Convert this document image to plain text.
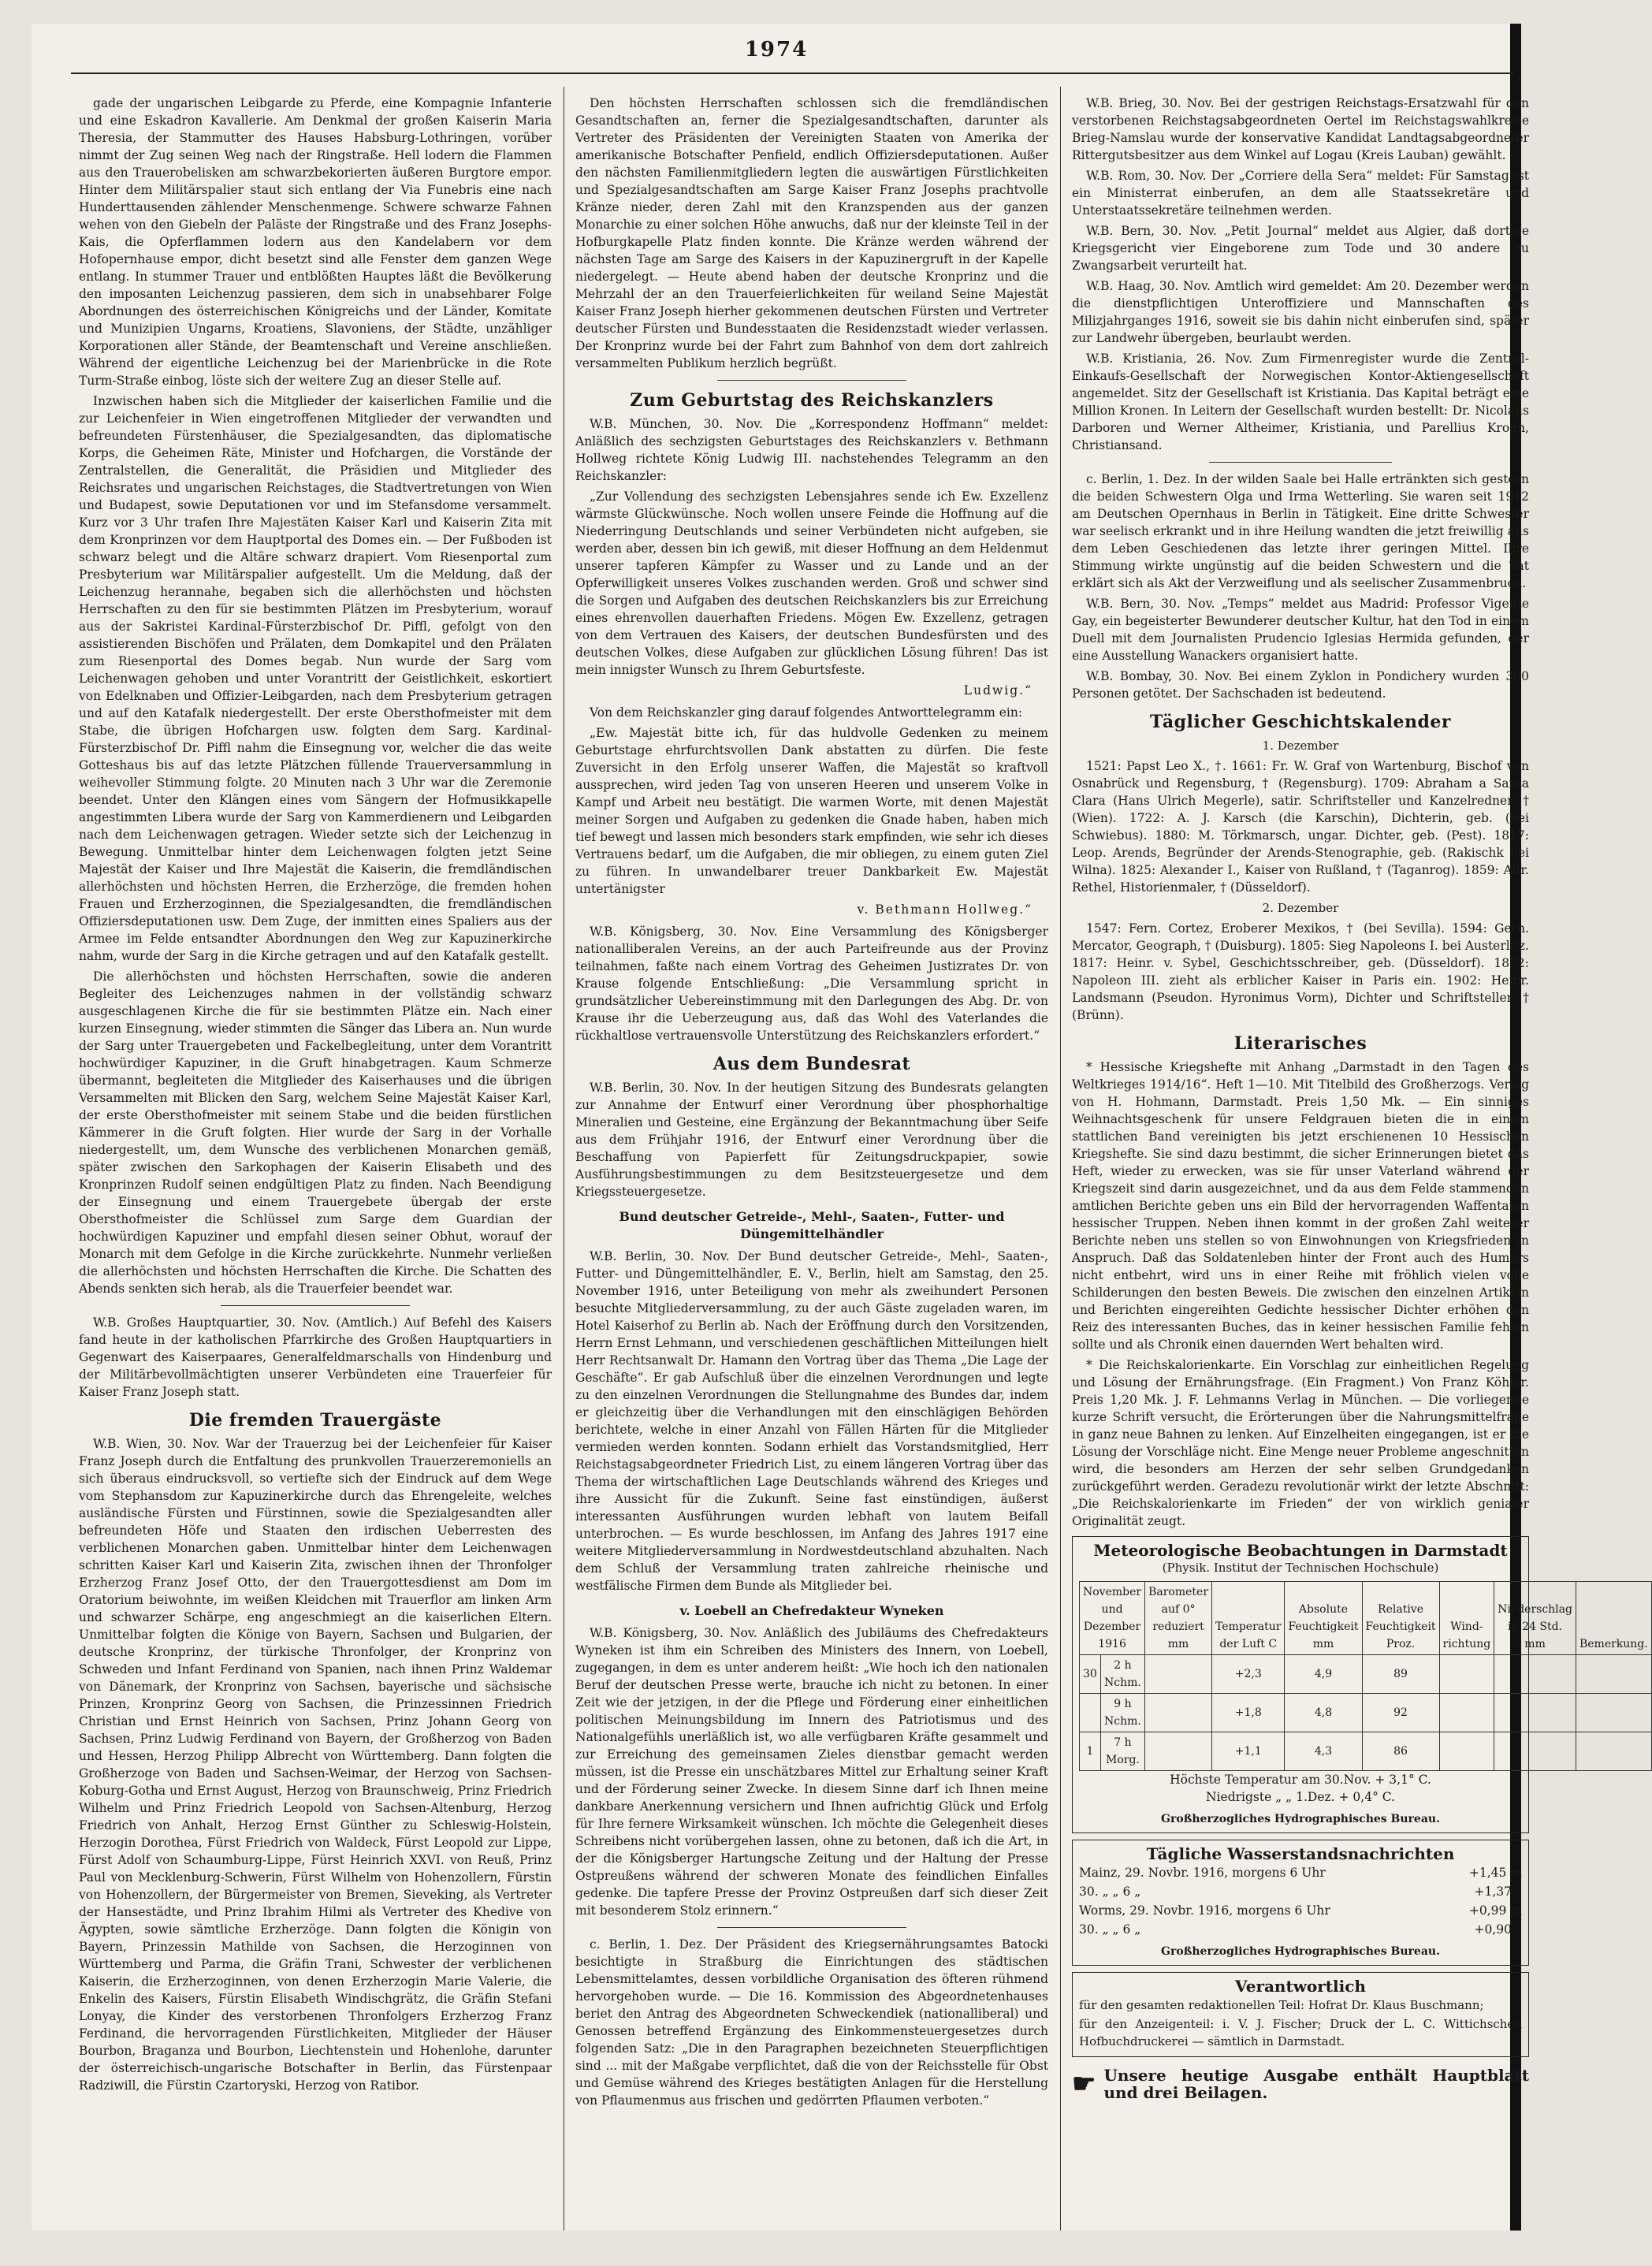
1974

gade der ungarischen Leibgarde zu Pferde, eine Kompagnie Infanterie und eine Eskadron Kavallerie. Am Denkmal der großen Kaiserin Maria Theresia, der Stammutter des Hauses Habsburg-Lothringen, vorüber nimmt der Zug seinen Weg nach der Ringstraße. Hell lodern die Flammen aus den Trauerobelisken am schwarzbekorierten äußeren Burgtore empor. Hinter dem Militärspalier staut sich entlang der Via Funebris eine nach Hunderttausenden zählender Menschenmenge. Schwere schwarze Fahnen wehen von den Giebeln der Paläste der Ringstraße und des Franz Josephs-Kais, die Opferflammen lodern aus den Kandelabern vor dem Hofopernhause empor, dicht besetzt sind alle Fenster dem ganzen Wege entlang. In stummer Trauer und entblößten Hauptes läßt die Bevölkerung den imposanten Leichenzug passieren, dem sich in unabsehbarer Folge Abordnungen des österreichischen Königreichs und der Länder, Komitate und Munizipien Ungarns, Kroatiens, Slavoniens, der Städte, unzähliger Korporationen aller Stände, der Beamtenschaft und Vereine anschließen. Während der eigentliche Leichenzug bei der Marienbrücke in die Rote Turm-Straße einbog, löste sich der weitere Zug an dieser Stelle auf.

Inzwischen haben sich die Mitglieder der kaiserlichen Familie und die zur Leichenfeier in Wien eingetroffenen Mitglieder der verwandten und befreundeten Fürstenhäuser, die Spezialgesandten, das diplomatische Korps, die Geheimen Räte, Minister und Hofchargen, die Vorstände der Zentralstellen, die Generalität, die Präsidien und Mitglieder des Reichsrates und ungarischen Reichstages, die Stadtvertretungen von Wien und Budapest, sowie Deputationen vor und im Stefansdome versammelt. Kurz vor 3 Uhr trafen Ihre Majestäten Kaiser Karl und Kaiserin Zita mit dem Kronprinzen vor dem Hauptportal des Domes ein. — Der Fußboden ist schwarz belegt und die Altäre schwarz drapiert. Vom Riesenportal zum Presbyterium war Militärspalier aufgestellt. Um die Meldung, daß der Leichenzug herannahe, begaben sich die allerhöchsten und höchsten Herrschaften zu den für sie bestimmten Plätzen im Presbyterium, worauf aus der Sakristei Kardinal-Fürsterzbischof Dr. Piffl, gefolgt von den assistierenden Bischöfen und Prälaten, dem Domkapitel und den Prälaten zum Riesenportal des Domes begab. Nun wurde der Sarg vom Leichenwagen gehoben und unter Vorantritt der Geistlichkeit, eskortiert von Edelknaben und Offizier-Leibgarden, nach dem Presbyterium getragen und auf den Katafalk niedergestellt. Der erste Obersthofmeister mit dem Stabe, die übrigen Hofchargen usw. folgten dem Sarg. Kardinal-Fürsterzbischof Dr. Piffl nahm die Einsegnung vor, welcher die das weite Gotteshaus bis auf das letzte Plätzchen füllende Trauerversammlung in weihevoller Stimmung folgte. 20 Minuten nach 3 Uhr war die Zeremonie beendet. Unter den Klängen eines vom Sängern der Hofmusikkapelle angestimmten Libera wurde der Sarg von Kammerdienern und Leibgarden nach dem Leichenwagen getragen. Wieder setzte sich der Leichenzug in Bewegung. Unmittelbar hinter dem Leichenwagen folgten jetzt Seine Majestät der Kaiser und Ihre Majestät die Kaiserin, die fremdländischen allerhöchsten und höchsten Herren, die Erzherzöge, die fremden hohen Frauen und Erzherzoginnen, die Spezialgesandten, die fremdländischen Offiziersdeputationen usw. Dem Zuge, der inmitten eines Spaliers aus der Armee im Felde entsandter Abordnungen den Weg zur Kapuzinerkirche nahm, wurde der Sarg in die Kirche getragen und auf den Katafalk gestellt.

Die allerhöchsten und höchsten Herrschaften, sowie die anderen Begleiter des Leichenzuges nahmen in der vollständig schwarz ausgeschlagenen Kirche die für sie bestimmten Plätze ein. Nach einer kurzen Einsegnung, wieder stimmten die Sänger das Libera an. Nun wurde der Sarg unter Trauergebeten und Fackelbegleitung, unter dem Vorantritt hochwürdiger Kapuziner, in die Gruft hinabgetragen. Kaum Schmerze übermannt, begleiteten die Mitglieder des Kaiserhauses und die übrigen Versammelten mit Blicken den Sarg, welchem Seine Majestät Kaiser Karl, der erste Obersthofmeister mit seinem Stabe und die beiden fürstlichen Kämmerer in die Gruft folgten. Hier wurde der Sarg in der Vorhalle niedergestellt, um, dem Wunsche des verblichenen Monarchen gemäß, später zwischen den Sarkophagen der Kaiserin Elisabeth und des Kronprinzen Rudolf seinen endgültigen Platz zu finden. Nach Beendigung der Einsegnung und einem Trauergebete übergab der erste Obersthofmeister die Schlüssel zum Sarge dem Guardian der hochwürdigen Kapuziner und empfahl diesen seiner Obhut, worauf der Monarch mit dem Gefolge in die Kirche zurückkehrte. Nunmehr verließen die allerhöchsten und höchsten Herrschaften die Kirche. Die Schatten des Abends senkten sich herab, als die Trauerfeier beendet war.

W.B. Großes Hauptquartier, 30. Nov. (Amtlich.) Auf Befehl des Kaisers fand heute in der katholischen Pfarrkirche des Großen Hauptquartiers in Gegenwart des Kaiserpaares, Generalfeldmarschalls von Hindenburg und der Militärbevollmächtigten unserer Verbündeten eine Trauerfeier für Kaiser Franz Joseph statt.

Die fremden Trauergäste

W.B. Wien, 30. Nov. War der Trauerzug bei der Leichenfeier für Kaiser Franz Joseph durch die Entfaltung des prunkvollen Trauerzeremoniells an sich überaus eindrucksvoll, so vertiefte sich der Eindruck auf dem Wege vom Stephansdom zur Kapuzinerkirche durch das Ehrengeleite, welches ausländische Fürsten und Fürstinnen, sowie die Spezialgesandten aller befreundeten Höfe und Staaten den irdischen Ueberresten des verblichenen Monarchen gaben. Unmittelbar hinter dem Leichenwagen schritten Kaiser Karl und Kaiserin Zita, zwischen ihnen der Thronfolger Erzherzog Franz Josef Otto, der den Trauergottesdienst am Dom im Oratorium beiwohnte, im weißen Kleidchen mit Trauerflor am linken Arm und schwarzer Schärpe, eng angeschmiegt an die kaiserlichen Eltern. Unmittelbar folgten die Könige von Bayern, Sachsen und Bulgarien, der deutsche Kronprinz, der türkische Thronfolger, der Kronprinz von Schweden und Infant Ferdinand von Spanien, nach ihnen Prinz Waldemar von Dänemark, der Kronprinz von Sachsen, bayerische und sächsische Prinzen, Kronprinz Georg von Sachsen, die Prinzessinnen Friedrich Christian und Ernst Heinrich von Sachsen, Prinz Johann Georg von Sachsen, Prinz Ludwig Ferdinand von Bayern, der Großherzog von Baden und Hessen, Herzog Philipp Albrecht von Württemberg. Dann folgten die Großherzoge von Baden und Sachsen-Weimar, der Herzog von Sachsen-Koburg-Gotha und Ernst August, Herzog von Braunschweig, Prinz Friedrich Wilhelm und Prinz Friedrich Leopold von Sachsen-Altenburg, Herzog Friedrich von Anhalt, Herzog Ernst Günther zu Schleswig-Holstein, Herzogin Dorothea, Fürst Friedrich von Waldeck, Fürst Leopold zur Lippe, Fürst Adolf von Schaumburg-Lippe, Fürst Heinrich XXVI. von Reuß, Prinz Paul von Mecklenburg-Schwerin, Fürst Wilhelm von Hohenzollern, Fürstin von Hohenzollern, der Bürgermeister von Bremen, Sieveking, als Vertreter der Hansestädte, und Prinz Ibrahim Hilmi als Vertreter des Khedive von Ägypten, sowie sämtliche Erzherzöge. Dann folgten die Königin von Bayern, Prinzessin Mathilde von Sachsen, die Herzoginnen von Württemberg und Parma, die Gräfin Trani, Schwester der verblichenen Kaiserin, die Erzherzoginnen, von denen Erzherzogin Marie Valerie, die Enkelin des Kaisers, Fürstin Elisabeth Windischgrätz, die Gräfin Stefani Lonyay, die Kinder des verstorbenen Thronfolgers Erzherzog Franz Ferdinand, die hervorragenden Fürstlichkeiten, Mitglieder der Häuser Bourbon, Braganza und Bourbon, Liechtenstein und Hohenlohe, darunter der österreichisch-ungarische Botschafter in Berlin, das Fürstenpaar Radziwill, die Fürstin Czartoryski, Herzog von Ratibor.

Den höchsten Herrschaften schlossen sich die fremdländischen Gesandtschaften an, ferner die Spezialgesandtschaften, darunter als Vertreter des Präsidenten der Vereinigten Staaten von Amerika der amerikanische Botschafter Penfield, endlich Offiziersdeputationen. Außer den nächsten Familienmitgliedern legten die auswärtigen Fürstlichkeiten und Spezialgesandtschaften am Sarge Kaiser Franz Josephs prachtvolle Kränze nieder, deren Zahl mit den Kranzspenden aus der ganzen Monarchie zu einer solchen Höhe anwuchs, daß nur der kleinste Teil in der Hofburgkapelle Platz finden konnte. Die Kränze werden während der nächsten Tage am Sarge des Kaisers in der Kapuzinergruft in der Kapelle niedergelegt. — Heute abend haben der deutsche Kronprinz und die Mehrzahl der an den Trauerfeierlichkeiten für weiland Seine Majestät Kaiser Franz Joseph hierher gekommenen deutschen Fürsten und Vertreter deutscher Fürsten und Bundesstaaten die Residenzstadt wieder verlassen. Der Kronprinz wurde bei der Fahrt zum Bahnhof von dem dort zahlreich versammelten Publikum herzlich begrüßt.

Zum Geburtstag des Reichskanzlers

W.B. München, 30. Nov. Die „Korrespondenz Hoffmann“ meldet: Anläßlich des sechzigsten Geburtstages des Reichskanzlers v. Bethmann Hollweg richtete König Ludwig III. nachstehendes Telegramm an den Reichskanzler:

„Zur Vollendung des sechzigsten Lebensjahres sende ich Ew. Exzellenz wärmste Glückwünsche. Noch wollen unsere Feinde die Hoffnung auf die Niederringung Deutschlands und seiner Verbündeten nicht aufgeben, sie werden aber, dessen bin ich gewiß, mit dieser Hoffnung an dem Heldenmut unserer tapferen Kämpfer zu Wasser und zu Lande und an der Opferwilligkeit unseres Volkes zuschanden werden. Groß und schwer sind die Sorgen und Aufgaben des deutschen Reichskanzlers bis zur Erreichung eines ehrenvollen dauerhaften Friedens. Mögen Ew. Exzellenz, getragen von dem Vertrauen des Kaisers, der deutschen Bundesfürsten und des deutschen Volkes, diese Aufgaben zur glücklichen Lösung führen! Das ist mein innigster Wunsch zu Ihrem Geburtsfeste.

Ludwig.“

Von dem Reichskanzler ging darauf folgendes Antworttelegramm ein:

„Ew. Majestät bitte ich, für das huldvolle Gedenken zu meinem Geburtstage ehrfurchtsvollen Dank abstatten zu dürfen. Die feste Zuversicht in den Erfolg unserer Waffen, die Majestät so kraftvoll aussprechen, wird jeden Tag von unseren Heeren und unserem Volke in Kampf und Arbeit neu bestätigt. Die warmen Worte, mit denen Majestät meiner Sorgen und Aufgaben zu gedenken die Gnade haben, haben mich tief bewegt und lassen mich besonders stark empfinden, wie sehr ich dieses Vertrauens bedarf, um die Aufgaben, die mir obliegen, zu einem guten Ziel zu führen. In unwandelbarer treuer Dankbarkeit Ew. Majestät untertänigster

v. Bethmann Hollweg.“

W.B. Königsberg, 30. Nov. Eine Versammlung des Königsberger nationalliberalen Vereins, an der auch Parteifreunde aus der Provinz teilnahmen, faßte nach einem Vortrag des Geheimen Justizrates Dr. von Krause folgende Entschließung: „Die Versammlung spricht in grundsätzlicher Uebereinstimmung mit den Darlegungen des Abg. Dr. von Krause ihr die Ueberzeugung aus, daß das Wohl des Vaterlandes die rückhaltlose vertrauensvolle Unterstützung des Reichskanzlers erfordert.“

Aus dem Bundesrat

W.B. Berlin, 30. Nov. In der heutigen Sitzung des Bundesrats gelangten zur Annahme der Entwurf einer Verordnung über phosphorhaltige Mineralien und Gesteine, eine Ergänzung der Bekanntmachung über Seife aus dem Frühjahr 1916, der Entwurf einer Verordnung über die Beschaffung von Papierfett für Zeitungsdruckpapier, sowie Ausführungsbestimmungen zu dem Besitzsteuergesetze und dem Kriegssteuergesetze.

Bund deutscher Getreide-, Mehl-, Saaten-, Futter- und Düngemittelhändler

W.B. Berlin, 30. Nov. Der Bund deutscher Getreide-, Mehl-, Saaten-, Futter- und Düngemittelhändler, E. V., Berlin, hielt am Samstag, den 25. November 1916, unter Beteiligung von mehr als zweihundert Personen besuchte Mitgliederversammlung, zu der auch Gäste zugeladen waren, im Hotel Kaiserhof zu Berlin ab. Nach der Eröffnung durch den Vorsitzenden, Herrn Ernst Lehmann, und verschiedenen geschäftlichen Mitteilungen hielt Herr Rechtsanwalt Dr. Hamann den Vortrag über das Thema „Die Lage der Geschäfte“. Er gab Aufschluß über die einzelnen Verordnungen und legte zu den einzelnen Verordnungen die Stellungnahme des Bundes dar, indem er gleichzeitig über die Verhandlungen mit den einschlägigen Behörden berichtete, welche in einer Anzahl von Fällen Härten für die Mitglieder vermieden werden konnten. Sodann erhielt das Vorstandsmitglied, Herr Reichstagsabgeordneter Friedrich List, zu einem längeren Vortrag über das Thema der wirtschaftlichen Lage Deutschlands während des Krieges und ihre Aussicht für die Zukunft. Seine fast einstündigen, äußerst interessanten Ausführungen wurden lebhaft von lautem Beifall unterbrochen. — Es wurde beschlossen, im Anfang des Jahres 1917 eine weitere Mitgliederversammlung in Nordwestdeutschland abzuhalten. Nach dem Schluß der Versammlung traten zahlreiche rheinische und westfälische Firmen dem Bunde als Mitglieder bei.

v. Loebell an Chefredakteur Wyneken

W.B. Königsberg, 30. Nov. Anläßlich des Jubiläums des Chefredakteurs Wyneken ist ihm ein Schreiben des Ministers des Innern, von Loebell, zugegangen, in dem es unter anderem heißt: „Wie hoch ich den nationalen Beruf der deutschen Presse werte, brauche ich nicht zu betonen. In einer Zeit wie der jetzigen, in der die Pflege und Förderung einer einheitlichen politischen Meinungsbildung im Innern des Patriotismus und des Nationalgefühls unerläßlich ist, wo alle verfügbaren Kräfte gesammelt und zur Erreichung des gemeinsamen Zieles dienstbar gemacht werden müssen, ist die Presse ein unschätzbares Mittel zur Erhaltung seiner Kraft und der Förderung seiner Zwecke. In diesem Sinne darf ich Ihnen meine dankbare Anerkennung versichern und Ihnen aufrichtig Glück und Erfolg für Ihre fernere Wirksamkeit wünschen. Ich möchte die Gelegenheit dieses Schreibens nicht vorübergehen lassen, ohne zu betonen, daß ich die Art, in der die Königsberger Hartungsche Zeitung und der Haltung der Presse Ostpreußens während der schweren Monate des feindlichen Einfalles gedenke. Die tapfere Presse der Provinz Ostpreußen darf sich dieser Zeit mit besonderem Stolz erinnern.“

c. Berlin, 1. Dez. Der Präsident des Kriegsernährungsamtes Batocki besichtigte in Straßburg die Einrichtungen des städtischen Lebensmittelamtes, dessen vorbildliche Organisation des öfteren rühmend hervorgehoben wurde. — Die 16. Kommission des Abgeordnetenhauses beriet den Antrag des Abgeordneten Schweckendiek (nationalliberal) und Genossen betreffend Ergänzung des Einkommensteuergesetzes durch folgenden Satz: „Die in den Paragraphen bezeichneten Steuerpflichtigen sind ... mit der Maßgabe verpflichtet, daß die von der Reichsstelle für Obst und Gemüse während des Krieges bestätigten Anlagen für die Herstellung von Pflaumenmus aus frischen und gedörrten Pflaumen verboten.“

W.B. Brieg, 30. Nov. Bei der gestrigen Reichstags-Ersatzwahl für den verstorbenen Reichstagsabgeordneten Oertel im Reichstagswahlkreise Brieg-Namslau wurde der konservative Kandidat Landtagsabgeordneter Rittergutsbesitzer aus dem Winkel auf Logau (Kreis Lauban) gewählt.

W.B. Rom, 30. Nov. Der „Corriere della Sera“ meldet: Für Samstag ist ein Ministerrat einberufen, an dem alle Staatssekretäre und Unterstaatssekretäre teilnehmen werden.

W.B. Bern, 30. Nov. „Petit Journal“ meldet aus Algier, daß dortige Kriegsgericht vier Eingeborene zum Tode und 30 andere zu Zwangsarbeit verurteilt hat.

W.B. Haag, 30. Nov. Amtlich wird gemeldet: Am 20. Dezember werden die dienstpflichtigen Unteroffiziere und Mannschaften des Milizjahrganges 1916, soweit sie bis dahin nicht einberufen sind, später zur Landwehr übergeben, beurlaubt werden.

W.B. Kristiania, 26. Nov. Zum Firmenregister wurde die Zentral-Einkaufs-Gesellschaft der Norwegischen Kontor-Aktiengesellschaft angemeldet. Sitz der Gesellschaft ist Kristiania. Das Kapital beträgt eine Million Kronen. In Leitern der Gesellschaft wurden bestellt: Dr. Nicolaus Darboren und Werner Altheimer, Kristiania, und Parellius Krogh, Christiansand.

c. Berlin, 1. Dez. In der wilden Saale bei Halle ertränkten sich gestern die beiden Schwestern Olga und Irma Wetterling. Sie waren seit 1912 am Deutschen Opernhaus in Berlin in Tätigkeit. Eine dritte Schwester war seelisch erkrankt und in ihre Heilung wandten die jetzt freiwillig aus dem Leben Geschiedenen das letzte ihrer geringen Mittel. Ihre Stimmung wirkte ungünstig auf die beiden Schwestern und die Tat erklärt sich als Akt der Verzweiflung und als seelischer Zusammenbruch.

W.B. Bern, 30. Nov. „Temps“ meldet aus Madrid: Professor Vigente Gay, ein begeisterter Bewunderer deutscher Kultur, hat den Tod in einem Duell mit dem Journalisten Prudencio Iglesias Hermida gefunden, der eine Ausstellung Wanackers organisiert hatte.

W.B. Bombay, 30. Nov. Bei einem Zyklon in Pondichery wurden 300 Personen getötet. Der Sachschaden ist bedeutend.

Täglicher Geschichtskalender
1. Dezember

1521: Papst Leo X., †. 1661: Fr. W. Graf von Wartenburg, Bischof von Osnabrück und Regensburg, † (Regensburg). 1709: Abraham a Santa Clara (Hans Ulrich Megerle), satir. Schriftsteller und Kanzelredner, † (Wien). 1722: A. J. Karsch (die Karschin), Dichterin, geb. (bei Schwiebus). 1880: M. Törkmarsch, ungar. Dichter, geb. (Pest). 1817: Leop. Arends, Begründer der Arends-Stenographie, geb. (Rakischk bei Wilna). 1825: Alexander I., Kaiser von Rußland, † (Taganrog). 1859: Alfr. Rethel, Historienmaler, † (Düsseldorf).

2. Dezember

1547: Fern. Cortez, Eroberer Mexikos, † (bei Sevilla). 1594: Gerh. Mercator, Geograph, † (Duisburg). 1805: Sieg Napoleons I. bei Austerlitz. 1817: Heinr. v. Sybel, Geschichtsschreiber, geb. (Düsseldorf). 1852: Napoleon III. zieht als erblicher Kaiser in Paris ein. 1902: Heinr. Landsmann (Pseudon. Hyronimus Vorm), Dichter und Schriftsteller, † (Brünn).

Literarisches

* Hessische Kriegshefte mit Anhang „Darmstadt in den Tagen des Weltkrieges 1914/16“. Heft 1—10. Mit Titelbild des Großherzogs. Verlag von H. Hohmann, Darmstadt. Preis 1,50 Mk. — Ein sinniges Weihnachtsgeschenk für unsere Feldgrauen bieten die in einem stattlichen Band vereinigten bis jetzt erschienenen 10 Hessischen Kriegshefte. Sie sind dazu bestimmt, die sicher Erinnerungen bietet das Heft, wieder zu erwecken, was sie für unser Vaterland während der Kriegszeit sind darin ausgezeichnet, und da aus dem Felde stammenden amtlichen Berichte geben uns ein Bild der hervorragenden Waffentaten hessischer Truppen. Neben ihnen kommt in der großen Zahl weiterer Berichte neben uns stellen so von Einwohnungen von Kriegsfrieden in Anspruch. Daß das Soldatenleben hinter der Front auch des Humors nicht entbehrt, wird uns in einer Reihe mit fröhlich vielen volle Schilderungen den besten Beweis. Die zwischen den einzelnen Artikeln und Berichten eingereihten Gedichte hessischer Dichter erhöhen den Reiz des interessanten Buches, das in keiner hessischen Familie fehlen sollte und als Chronik einen dauernden Wert behalten wird.

* Die Reichskalorienkarte. Ein Vorschlag zur einheitlichen Regelung und Lösung der Ernährungsfrage. (Ein Fragment.) Von Franz Köhler. Preis 1,20 Mk. J. F. Lehmanns Verlag in München. — Die vorliegende kurze Schrift versucht, die Erörterungen über die Nahrungsmittelfrage in ganz neue Bahnen zu lenken. Auf Einzelheiten eingegangen, ist er die Lösung der Vorschläge nicht. Eine Menge neuer Probleme angeschnitten wird, die besonders am Herzen der sehr selben Grundgedanken zurückgeführt werden. Geradezu revolutionär wirkt der letzte Abschnitt: „Die Reichskalorienkarte im Frieden“ der von wirklich genialer Originalität zeugt.

Meteorologische Beobachtungen in Darmstadt
(Physik. Institut der Technischen Hochschule)
November und Dezember 1916		Barometer auf 0° reduziert mm	Temperatur der Luft C	Absolute Feuchtigkeit mm	Relative Feuchtigkeit Proz.	Wind-richtung	Niederschlag in 24 Std. mm	Bemerkung.
30	2 h Nchm.		+2,3	4,9	89			
	9 h Nchm.		+1,8	4,8	92			
1	7 h Morg.		+1,1	4,3	86			
Höchste Temperatur am 30.Nov. + 3,1° C.
Niedrigste „ „ 1.Dez. + 0,4° C.
Großherzogliches Hydrographisches Bureau.
Tägliche Wasserstandsnachrichten
Mainz, 29. Novbr. 1916, morgens 6 Uhr	+1,45 m
30. „ „ 6 „	+1,37 „
Worms, 29. Novbr. 1916, morgens 6 Uhr	+0,99 m
30. „ „ 6 „	+0,90 „
Großherzogliches Hydrographisches Bureau.
Verantwortlich
für den gesamten redaktionellen Teil: Hofrat Dr. Klaus Buschmann;
für den Anzeigenteil: i. V. J. Fischer; Druck der L. C. Wittichschen Hofbuchdruckerei — sämtlich in Darmstadt.
☛ Unsere heutige Ausgabe enthält Hauptblatt und drei Beilagen.
